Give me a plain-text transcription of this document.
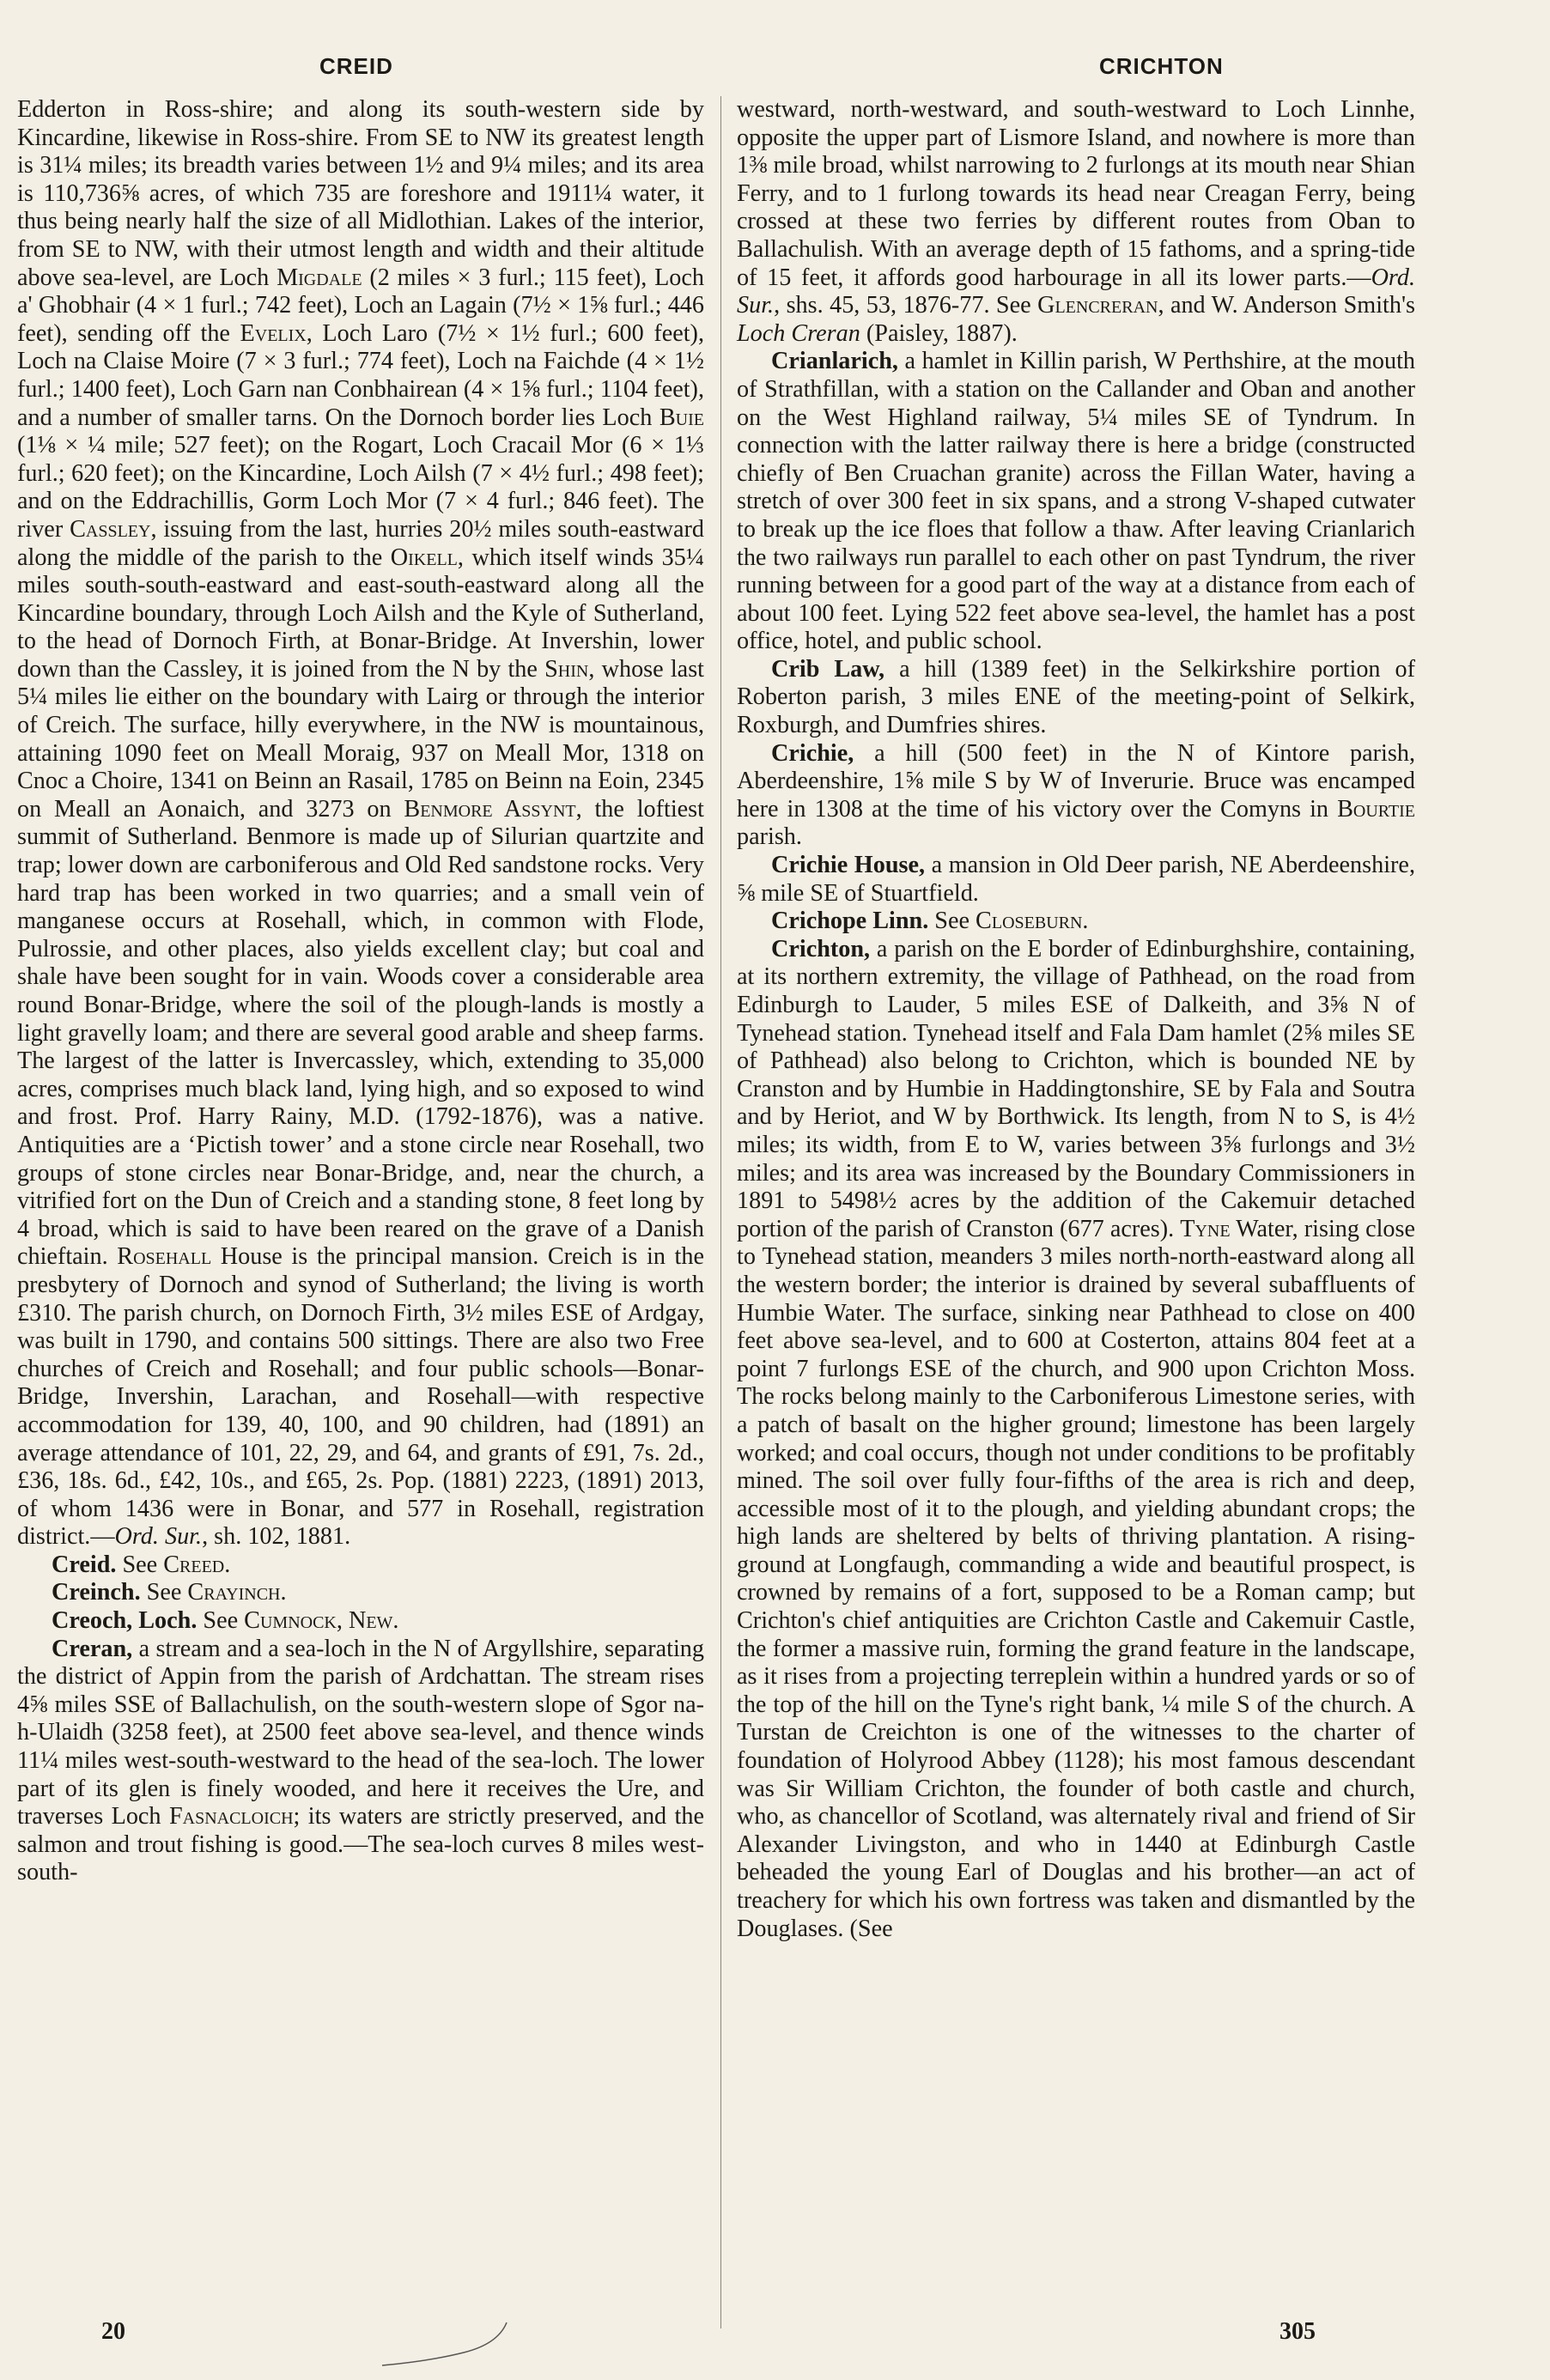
CREID	CRICHTON

Edderton in Ross-shire; and along its south-western side by Kincardine, likewise in Ross-shire. From SE to NW its greatest length is 31¼ miles; its breadth varies between 1½ and 9¼ miles; and its area is 110,736⅝ acres, of which 735 are foreshore and 1911¼ water, it thus being nearly half the size of all Midlothian. Lakes of the interior, from SE to NW, with their utmost length and width and their altitude above sea-level, are Loch Migdale (2 miles × 3 furl.; 115 feet), Loch a' Ghobhair (4 × 1 furl.; 742 feet), Loch an Lagain (7½ × 1⅝ furl.; 446 feet), sending off the Evelix, Loch Laro (7½ × 1½ furl.; 600 feet), Loch na Claise Moire (7 × 3 furl.; 774 feet), Loch na Faichde (4 × 1½ furl.; 1400 feet), Loch Garn nan Conbhairean (4 × 1⅝ furl.; 1104 feet), and a number of smaller tarns. On the Dornoch border lies Loch Buie (1⅛ × ¼ mile; 527 feet); on the Rogart, Loch Cracail Mor (6 × 1⅓ furl.; 620 feet); on the Kincardine, Loch Ailsh (7 × 4½ furl.; 498 feet); and on the Eddrachillis, Gorm Loch Mor (7 × 4 furl.; 846 feet). The river Cassley, issuing from the last, hurries 20½ miles south-eastward along the middle of the parish to the Oikell, which itself winds 35¼ miles south-south-eastward and east-south-eastward along all the Kincardine boundary, through Loch Ailsh and the Kyle of Sutherland, to the head of Dornoch Firth, at Bonar-Bridge. At Invershin, lower down than the Cassley, it is joined from the N by the Shin, whose last 5¼ miles lie either on the boundary with Lairg or through the interior of Creich. The surface, hilly everywhere, in the NW is mountainous, attaining 1090 feet on Meall Moraig, 937 on Meall Mor, 1318 on Cnoc a Choire, 1341 on Beinn an Rasail, 1785 on Beinn na Eoin, 2345 on Meall an Aonaich, and 3273 on Benmore Assynt, the loftiest summit of Sutherland. Benmore is made up of Silurian quartzite and trap; lower down are carboniferous and Old Red sandstone rocks. Very hard trap has been worked in two quarries; and a small vein of manganese occurs at Rosehall, which, in common with Flode, Pulrossie, and other places, also yields excellent clay; but coal and shale have been sought for in vain. Woods cover a considerable area round Bonar-Bridge, where the soil of the plough-lands is mostly a light gravelly loam; and there are several good arable and sheep farms. The largest of the latter is Invercassley, which, extending to 35,000 acres, comprises much black land, lying high, and so exposed to wind and frost. Prof. Harry Rainy, M.D. (1792-1876), was a native. Antiquities are a ‘Pictish tower’ and a stone circle near Rosehall, two groups of stone circles near Bonar-Bridge, and, near the church, a vitrified fort on the Dun of Creich and a standing stone, 8 feet long by 4 broad, which is said to have been reared on the grave of a Danish chieftain. Rosehall House is the principal mansion. Creich is in the presbytery of Dornoch and synod of Sutherland; the living is worth £310. The parish church, on Dornoch Firth, 3½ miles ESE of Ardgay, was built in 1790, and contains 500 sittings. There are also two Free churches of Creich and Rosehall; and four public schools—Bonar-Bridge, Invershin, Larachan, and Rosehall—with respective accommodation for 139, 40, 100, and 90 children, had (1891) an average attendance of 101, 22, 29, and 64, and grants of £91, 7s. 2d., £36, 18s. 6d., £42, 10s., and £65, 2s. Pop. (1881) 2223, (1891) 2013, of whom 1436 were in Bonar, and 577 in Rosehall, registration district.—Ord. Sur., sh. 102, 1881.

Creid. See Creed.

Creinch. See Crayinch.

Creoch, Loch. See Cumnock, New.

Creran, a stream and a sea-loch in the N of Argyllshire, separating the district of Appin from the parish of Ardchattan. The stream rises 4⅝ miles SSE of Ballachulish, on the south-western slope of Sgor na-h-Ulaidh (3258 feet), at 2500 feet above sea-level, and thence winds 11¼ miles west-south-westward to the head of the sea-loch. The lower part of its glen is finely wooded, and here it receives the Ure, and traverses Loch Fasnacloich; its waters are strictly preserved, and the salmon and trout fishing is good.—The sea-loch curves 8 miles west-south-

westward, north-westward, and south-westward to Loch Linnhe, opposite the upper part of Lismore Island, and nowhere is more than 1⅜ mile broad, whilst narrowing to 2 furlongs at its mouth near Shian Ferry, and to 1 furlong towards its head near Creagan Ferry, being crossed at these two ferries by different routes from Oban to Ballachulish. With an average depth of 15 fathoms, and a spring-tide of 15 feet, it affords good harbourage in all its lower parts.—Ord. Sur., shs. 45, 53, 1876-77. See Glencreran, and W. Anderson Smith's Loch Creran (Paisley, 1887).

Crianlarich, a hamlet in Killin parish, W Perthshire, at the mouth of Strathfillan, with a station on the Callander and Oban and another on the West Highland railway, 5¼ miles SE of Tyndrum. In connection with the latter railway there is here a bridge (constructed chiefly of Ben Cruachan granite) across the Fillan Water, having a stretch of over 300 feet in six spans, and a strong V-shaped cutwater to break up the ice floes that follow a thaw. After leaving Crianlarich the two railways run parallel to each other on past Tyndrum, the river running between for a good part of the way at a distance from each of about 100 feet. Lying 522 feet above sea-level, the hamlet has a post office, hotel, and public school.

Crib Law, a hill (1389 feet) in the Selkirkshire portion of Roberton parish, 3 miles ENE of the meeting-point of Selkirk, Roxburgh, and Dumfries shires.

Crichie, a hill (500 feet) in the N of Kintore parish, Aberdeenshire, 1⅝ mile S by W of Inverurie. Bruce was encamped here in 1308 at the time of his victory over the Comyns in Bourtie parish.

Crichie House, a mansion in Old Deer parish, NE Aberdeenshire, ⅝ mile SE of Stuartfield.

Crichope Linn. See Closeburn.

Crichton, a parish on the E border of Edinburghshire, containing, at its northern extremity, the village of Pathhead, on the road from Edinburgh to Lauder, 5 miles ESE of Dalkeith, and 3⅝ N of Tynehead station. Tynehead itself and Fala Dam hamlet (2⅝ miles SE of Pathhead) also belong to Crichton, which is bounded NE by Cranston and by Humbie in Haddingtonshire, SE by Fala and Soutra and by Heriot, and W by Borthwick. Its length, from N to S, is 4½ miles; its width, from E to W, varies between 3⅝ furlongs and 3½ miles; and its area was increased by the Boundary Commissioners in 1891 to 5498½ acres by the addition of the Cakemuir detached portion of the parish of Cranston (677 acres). Tyne Water, rising close to Tynehead station, meanders 3 miles north-north-eastward along all the western border; the interior is drained by several subaffluents of Humbie Water. The surface, sinking near Pathhead to close on 400 feet above sea-level, and to 600 at Costerton, attains 804 feet at a point 7 furlongs ESE of the church, and 900 upon Crichton Moss. The rocks belong mainly to the Carboniferous Limestone series, with a patch of basalt on the higher ground; limestone has been largely worked; and coal occurs, though not under conditions to be profitably mined. The soil over fully four-fifths of the area is rich and deep, accessible most of it to the plough, and yielding abundant crops; the high lands are sheltered by belts of thriving plantation. A rising-ground at Longfaugh, commanding a wide and beautiful prospect, is crowned by remains of a fort, supposed to be a Roman camp; but Crichton's chief antiquities are Crichton Castle and Cakemuir Castle, the former a massive ruin, forming the grand feature in the landscape, as it rises from a projecting terreplein within a hundred yards or so of the top of the hill on the Tyne's right bank, ¼ mile S of the church. A Turstan de Creichton is one of the witnesses to the charter of foundation of Holyrood Abbey (1128); his most famous descendant was Sir William Crichton, the founder of both castle and church, who, as chancellor of Scotland, was alternately rival and friend of Sir Alexander Livingston, and who in 1440 at Edinburgh Castle beheaded the young Earl of Douglas and his brother—an act of treachery for which his own fortress was taken and dismantled by the Douglases. (See

20	305
